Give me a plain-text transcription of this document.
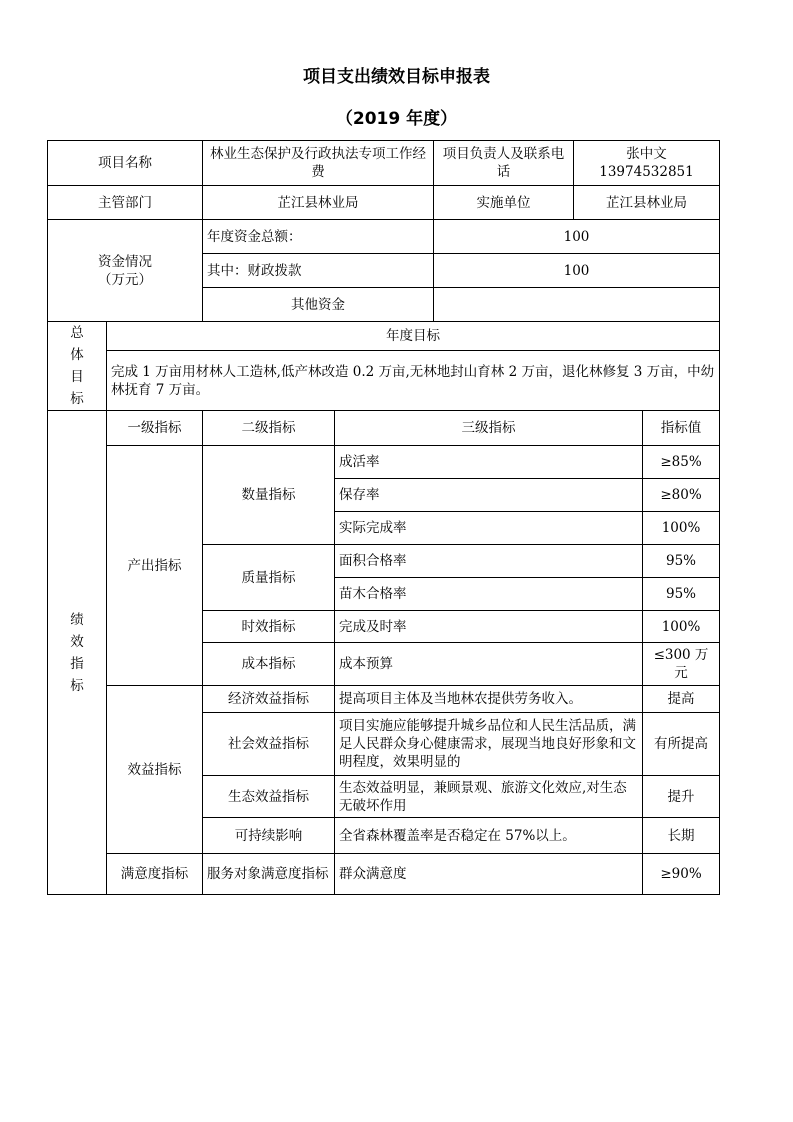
项目支出绩效目标申报表
（2019 年度）
项目名称	林业生态保护及行政执法专项工作经费	项目负责人及联系电话	张中文 13974532851
主管部门	芷江县林业局	实施单位	芷江县林业局

资金情况
（万元）	年度资金总额：	100	
	其中：财政拨款	100	
	其他资金		
总体目标
	年度目标
完成 1 万亩用材林人工造林,低产林改造 0.2 万亩,无林地封山育林 2 万亩，退化林修复 3 万亩，中幼林抚育 7 万亩。
绩效指标	一级指标	二级指标	三级指标	指标值
	产出指标	数量指标	成活率	≥85%
			保存率	≥80%
			实际完成率	100%
		质量指标	面积合格率	95%
			苗木合格率	95%
		时效指标	完成及时率	100%
		成本指标	成本预算	≤300 万元
	效益指标	经济效益指标	提高项目主体及当地林农提供劳务收入。	提高
		社会效益指标	项目实施应能够提升城乡品位和人民生活品质，满足人民群众身心健康需求，展现当地良好形象和文明程度，效果明显的	有所提高
		生态效益指标	生态效益明显，兼顾景观、旅游文化效应,对生态无破坏作用	提升
		可持续影响	全省森林覆盖率是否稳定在 57%以上。	长期
	满意度指标	服务对象满意度指标	群众满意度	≥90%
